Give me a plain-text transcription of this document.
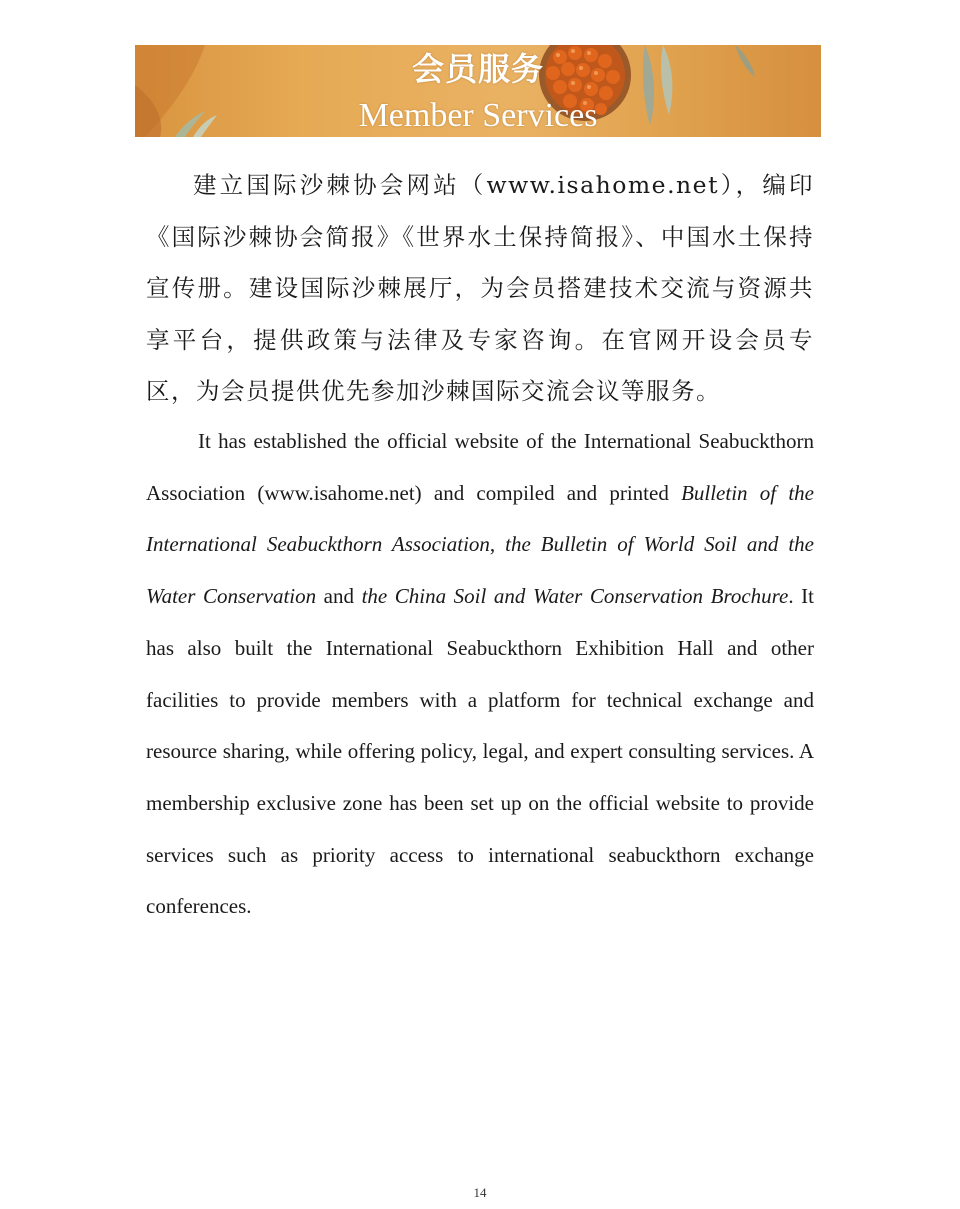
会员服务
Member Services

建立国际沙棘协会网站（www.isahome.net），编印《国际沙棘协会简报》《世界水土保持简报》、中国水土保持宣传册。建设国际沙棘展厅，为会员搭建技术交流与资源共享平台，提供政策与法律及专家咨询。在官网开设会员专区，为会员提供优先参加沙棘国际交流会议等服务。

It has established the official website of the International Seabuckthorn Association (www.isahome.net) and compiled and printed Bulletin of the International Seabuckthorn Association, the Bulletin of World Soil and the Water Conservation and the China Soil and Water Conservation Brochure. It has also built the International Seabuckthorn Exhibition Hall and other facilities to provide members with a platform for technical exchange and resource sharing, while offering policy, legal, and expert consulting services. A membership exclusive zone has been set up on the official website to provide services such as priority access to international seabuckthorn exchange conferences.

14
